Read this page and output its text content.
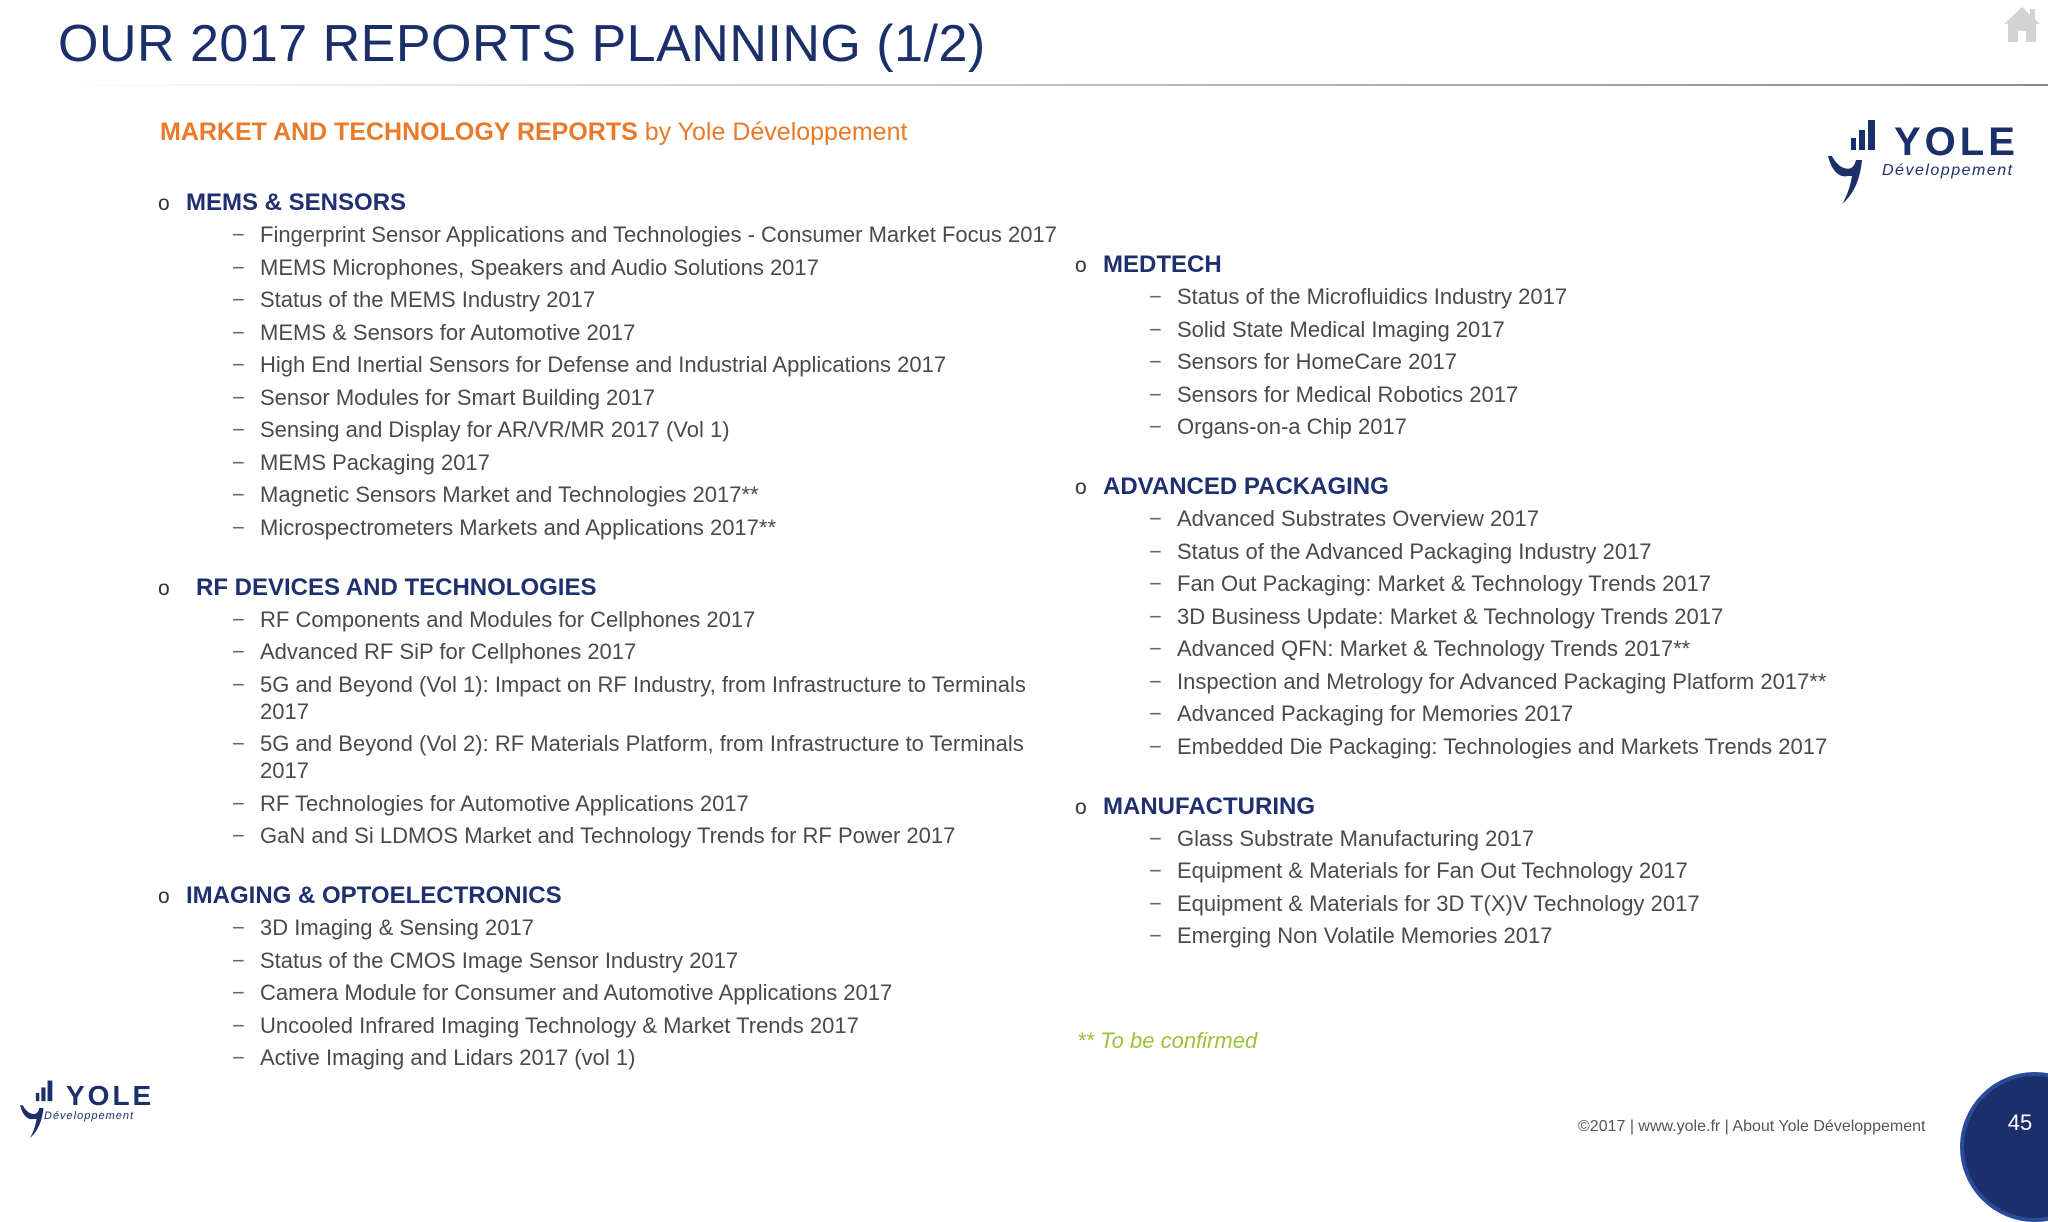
OUR 2017 REPORTS PLANNING (1/2)
MARKET AND TECHNOLOGY REPORTS by Yole Développement
o MEMS & SENSORS
− Fingerprint Sensor Applications and Technologies - Consumer Market Focus 2017
− MEMS Microphones, Speakers and Audio Solutions 2017
− Status of the MEMS Industry 2017
− MEMS & Sensors for Automotive 2017
− High End Inertial Sensors for Defense and Industrial Applications 2017
− Sensor Modules for Smart Building 2017
− Sensing and Display for AR/VR/MR 2017 (Vol 1)
− MEMS Packaging 2017
− Magnetic Sensors Market and Technologies 2017**
− Microspectrometers Markets and Applications 2017**
o	RF DEVICES AND TECHNOLOGIES
− RF Components and Modules for Cellphones 2017
− Advanced RF SiP for Cellphones 2017
− 5G and Beyond (Vol 1): Impact on RF Industry, from Infrastructure to Terminals 2017
− 5G and Beyond (Vol 2): RF Materials Platform, from Infrastructure to Terminals 2017
− RF Technologies for Automotive Applications 2017
− GaN and Si LDMOS Market and Technology Trends for RF Power 2017
o IMAGING & OPTOELECTRONICS
− 3D Imaging & Sensing 2017
− Status of the CMOS Image Sensor Industry 2017
− Camera Module for Consumer and Automotive Applications 2017
− Uncooled Infrared Imaging Technology & Market Trends 2017
− Active Imaging and Lidars 2017 (vol 1)
o MEDTECH
− Status of the Microfluidics Industry 2017
− Solid State Medical Imaging 2017
− Sensors for HomeCare 2017
− Sensors for Medical Robotics 2017
− Organs-on-a Chip 2017
o ADVANCED PACKAGING
− Advanced Substrates Overview 2017
− Status of the Advanced Packaging Industry 2017
− Fan Out Packaging: Market & Technology Trends 2017
− 3D Business Update: Market & Technology Trends 2017
− Advanced QFN: Market & Technology Trends 2017**
− Inspection and Metrology for Advanced Packaging Platform 2017**
− Advanced Packaging for Memories 2017
− Embedded Die Packaging: Technologies and Markets Trends 2017
o MANUFACTURING
− Glass Substrate Manufacturing 2017
− Equipment & Materials for Fan Out Technology 2017
− Equipment & Materials for 3D T(X)V Technology 2017
− Emerging Non Volatile Memories 2017
** To be confirmed
YOLE
Développement
YOLE
Développement
©2017 | www.yole.fr | About Yole Développement	45
